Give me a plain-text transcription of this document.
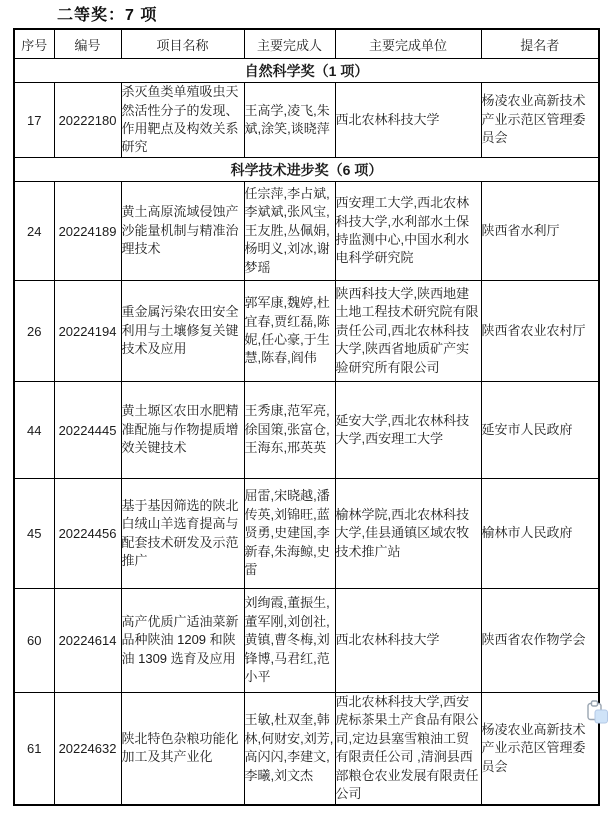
二等奖：7 项
序号	编号	项目名称	主要完成人	主要完成单位	提名者
自然科学奖（1 项）					
17	20222180	杀灭鱼类单殖吸虫天然活性分子的发现、作用靶点及构效关系研究	王高学,凌飞,朱斌,涂笑,谈晓萍	西北农林科技大学	杨凌农业高新技术产业示范区管理委员会
科学技术进步奖（6 项）					
24	20224189	黄土高原流域侵蚀产沙能量机制与精准治理技术	任宗萍,李占斌,李斌斌,张风宝,王友胜,丛佩娟,杨明义,刘冰,谢梦瑶	西安理工大学,西北农林科技大学,水利部水土保持监测中心,中国水利水电科学研究院	陕西省水利厅
26	20224194	重金属污染农田安全利用与土壤修复关键技术及应用	郭军康,魏婷,杜宜春,贾红磊,陈妮,任心豪,于生慧,陈春,阎伟	陕西科技大学,陕西地建土地工程技术研究院有限责任公司,西北农林科技大学,陕西省地质矿产实验研究所有限公司	陕西省农业农村厅
44	20224445	黄土塬区农田水肥精准配施与作物提质增效关键技术	王秀康,范军亮,徐国策,张富仓,王海东,邢英英	延安大学,西北农林科技大学,西安理工大学	延安市人民政府
45	20224456	基于基因筛选的陕北白绒山羊选育提高与配套技术研发及示范推广	屈雷,宋晓越,潘传英,刘锦旺,蓝贤勇,史建国,李新春,朱海鲸,史雷	榆林学院,西北农林科技大学,佳县通镇区域农牧技术推广站	榆林市人民政府
60	20224614	高产优质广适油菜新品种陕油 1209 和陕油 1309 选育及应用	刘绚霞,董振生,董军刚,刘创社,黄镇,曹冬梅,刘锋博,马君红,范小平	西北农林科技大学	陕西省农作物学会
61	20224632	陕北特色杂粮功能化加工及其产业化	王敏,杜双奎,韩林,何财安,刘芳,高闪闪,李建文,李曦,刘文杰	西北农林科技大学,西安虎标茶果土产食品有限公司,定边县塞雪粮油工贸有限责任公司 ,清涧县西部粮仓农业发展有限责任公司	杨凌农业高新技术产业示范区管理委员会
